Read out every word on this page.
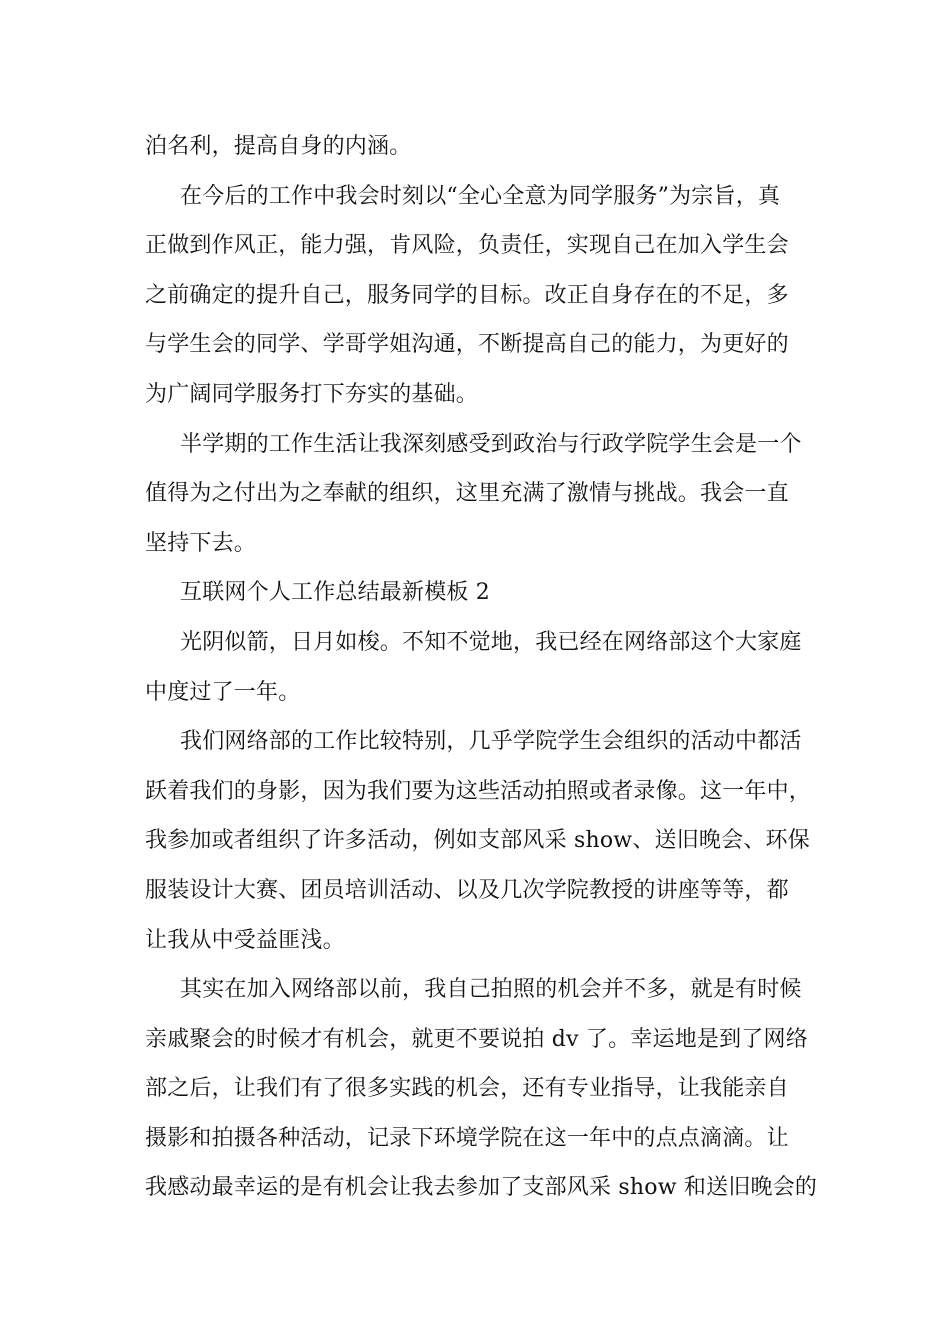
泊名利，提高自身的内涵。
在今后的工作中我会时刻以“全心全意为同学服务”为宗旨，真
正做到作风正，能力强，肯风险，负责任，实现自己在加入学生会
之前确定的提升自己，服务同学的目标。改正自身存在的不足，多
与学生会的同学、学哥学姐沟通，不断提高自己的能力，为更好的
为广阔同学服务打下夯实的基础。
半学期的工作生活让我深刻感受到政治与行政学院学生会是一个
值得为之付出为之奉献的组织，这里充满了激情与挑战。我会一直
坚持下去。
互联网个人工作总结最新模板 2
光阴似箭，日月如梭。不知不觉地，我已经在网络部这个大家庭
中度过了一年。
我们网络部的工作比较特别，几乎学院学生会组织的活动中都活
跃着我们的身影，因为我们要为这些活动拍照或者录像。这一年中，
我参加或者组织了许多活动，例如支部风采 show、送旧晚会、环保
服装设计大赛、团员培训活动、以及几次学院教授的讲座等等，都
让我从中受益匪浅。
其实在加入网络部以前，我自己拍照的机会并不多，就是有时候
亲戚聚会的时候才有机会，就更不要说拍 dv 了。幸运地是到了网络
部之后，让我们有了很多实践的机会，还有专业指导，让我能亲自
摄影和拍摄各种活动，记录下环境学院在这一年中的点点滴滴。让
我感动最幸运的是有机会让我去参加了支部风采 show 和送旧晚会的
